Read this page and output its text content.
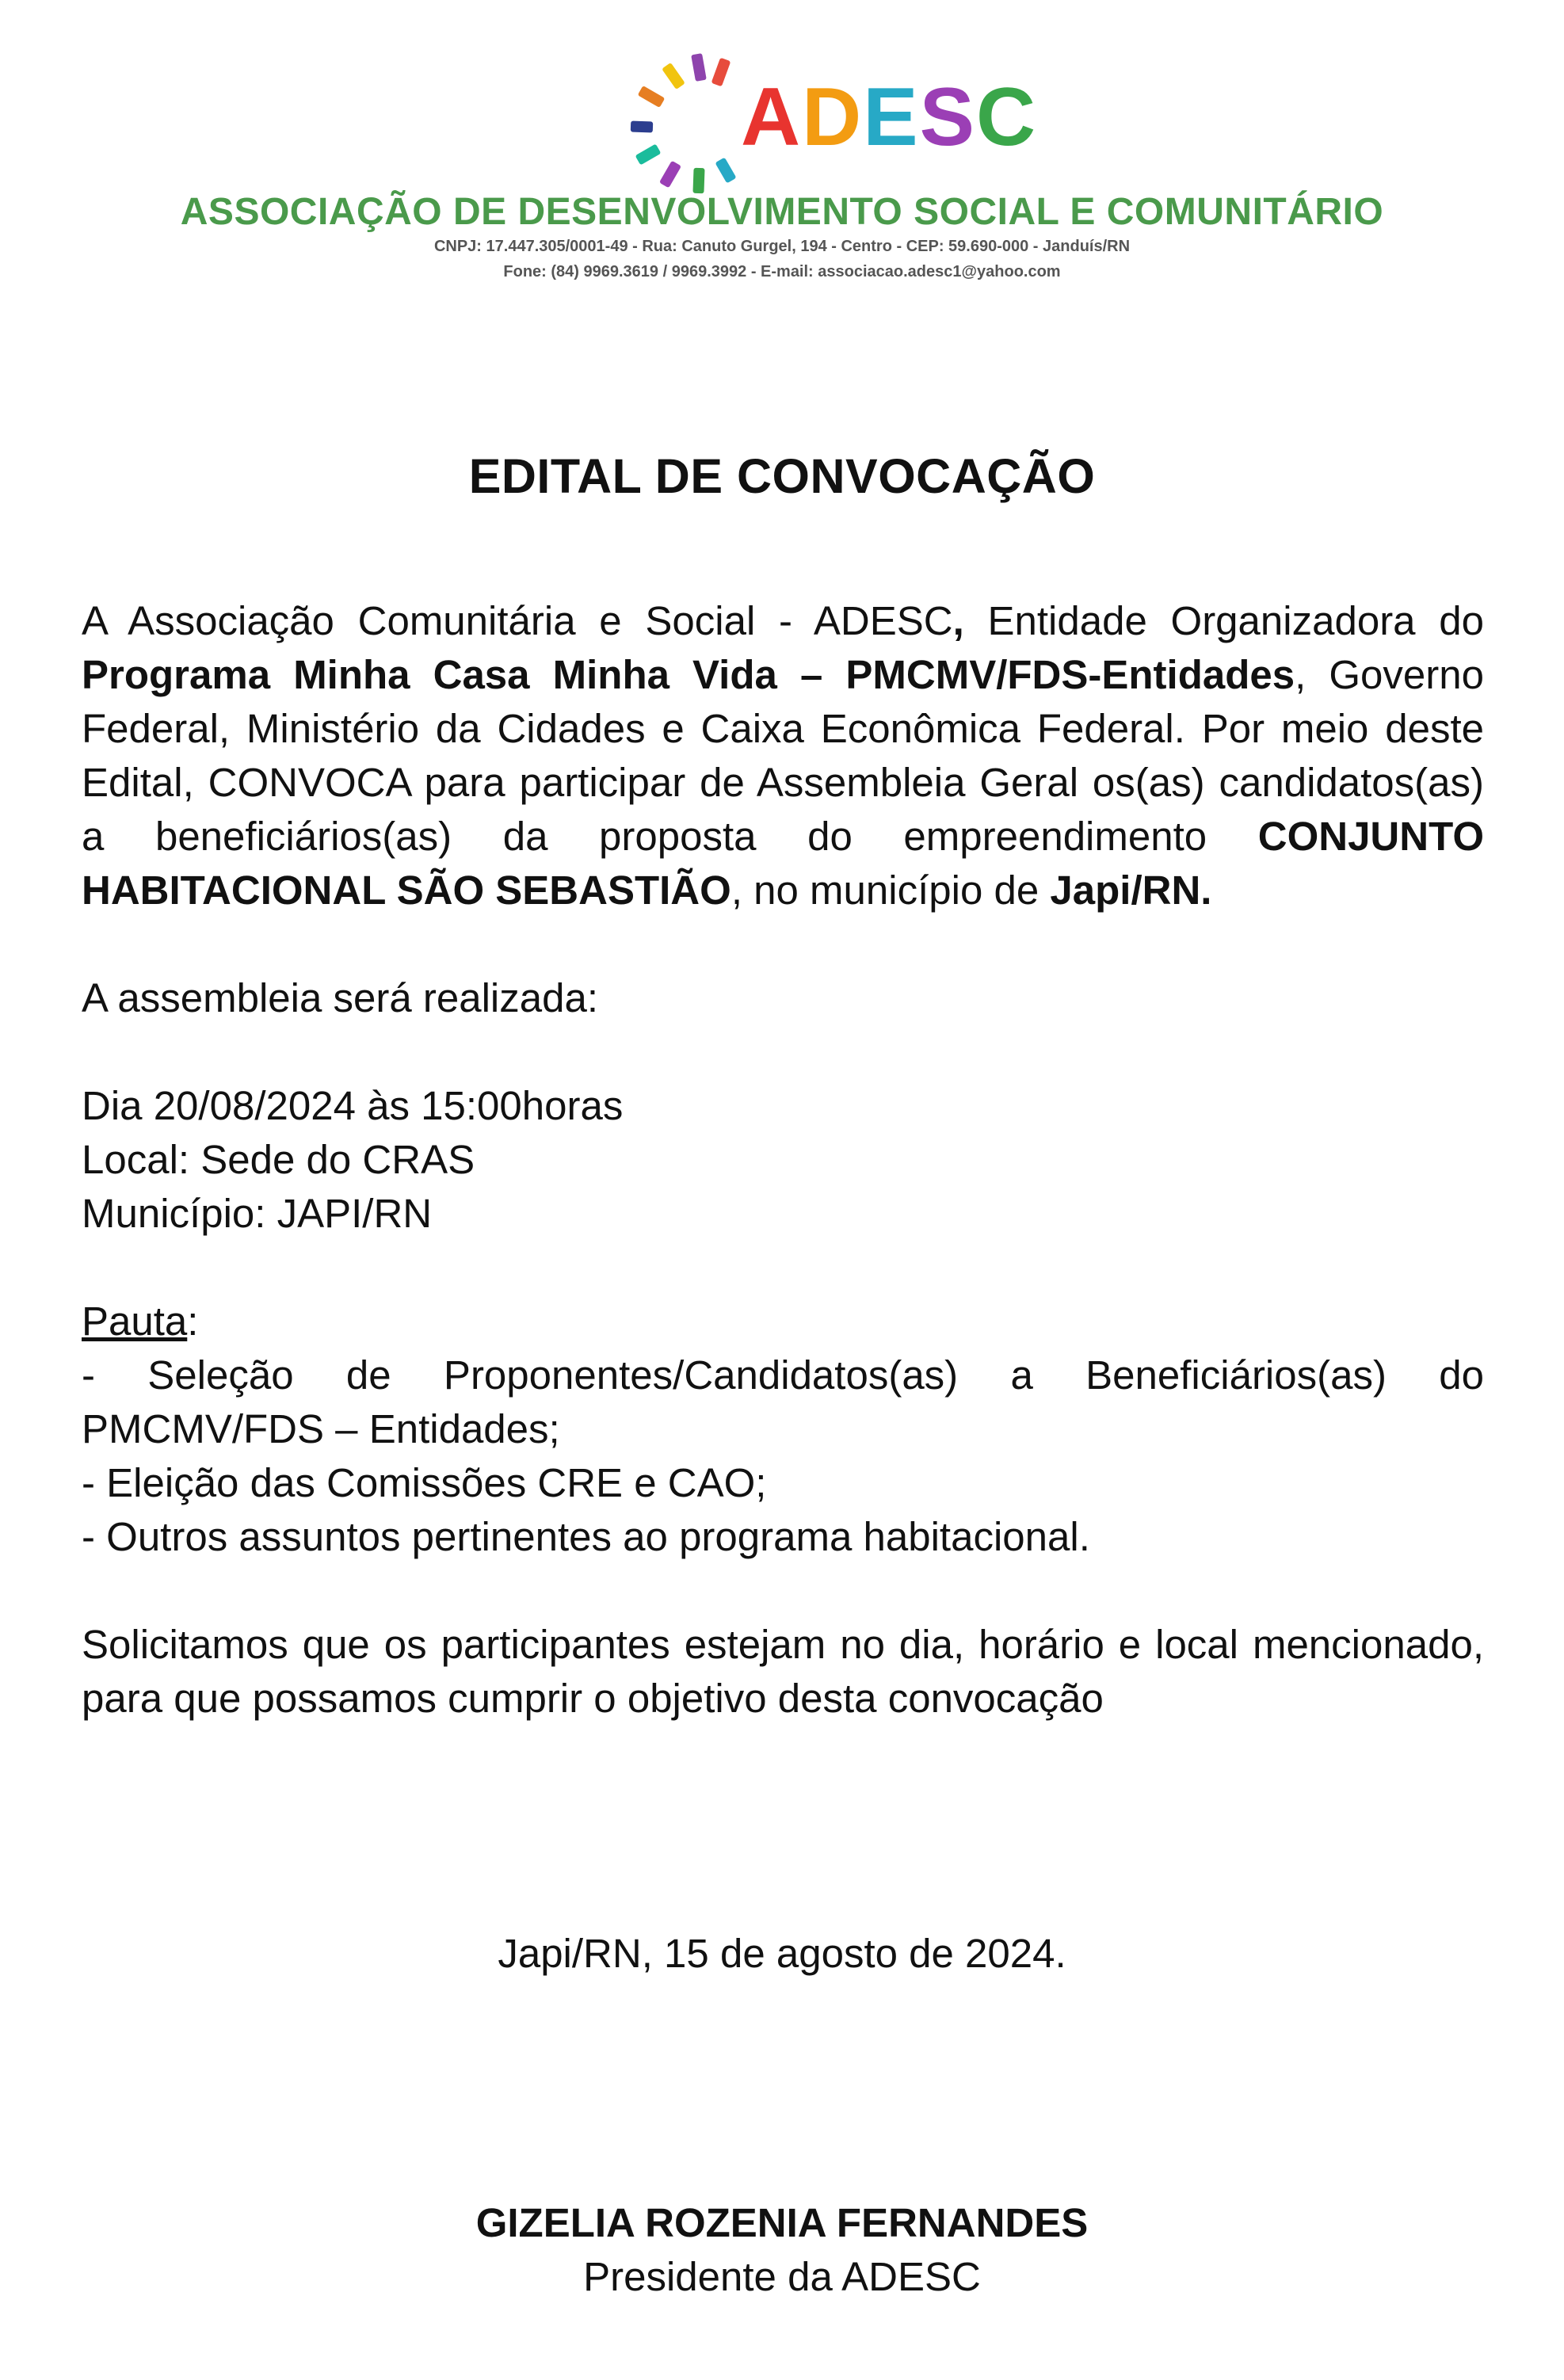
ADESC
ASSOCIAÇÃO DE DESENVOLVIMENTO SOCIAL E COMUNITÁRIO
CNPJ: 17.447.305/0001-49 - Rua: Canuto Gurgel, 194 - Centro - CEP: 59.690-000 - Janduís/RN
Fone: (84) 9969.3619 / 9969.3992 - E-mail: associacao.adesc1@yahoo.com
EDITAL DE CONVOCAÇÃO

A Associação Comunitária e Social - ADESC, Entidade Organizadora do Programa Minha Casa Minha Vida – PMCMV/FDS-Entidades, Governo Federal, Ministério da Cidades e Caixa Econômica Federal. Por meio deste Edital, CONVOCA para participar de Assembleia Geral os(as) candidatos(as) a beneficiários(as) da proposta do empreendimento CONJUNTO HABITACIONAL SÃO SEBASTIÃO, no município de Japi/RN.

A assembleia será realizada:

Dia 20/08/2024 às 15:00horas

Local: Sede do CRAS

Município: JAPI/RN

Pauta:

- Seleção de Proponentes/Candidatos(as) a Beneficiários(as) do PMCMV/FDS – Entidades;

- Eleição das Comissões CRE e CAO;

- Outros assuntos pertinentes ao programa habitacional.

Solicitamos que os participantes estejam no dia, horário e local mencionado, para que possamos cumprir o objetivo desta convocação

Japi/RN, 15 de agosto de 2024.
GIZELIA ROZENIA FERNANDES
Presidente da ADESC
